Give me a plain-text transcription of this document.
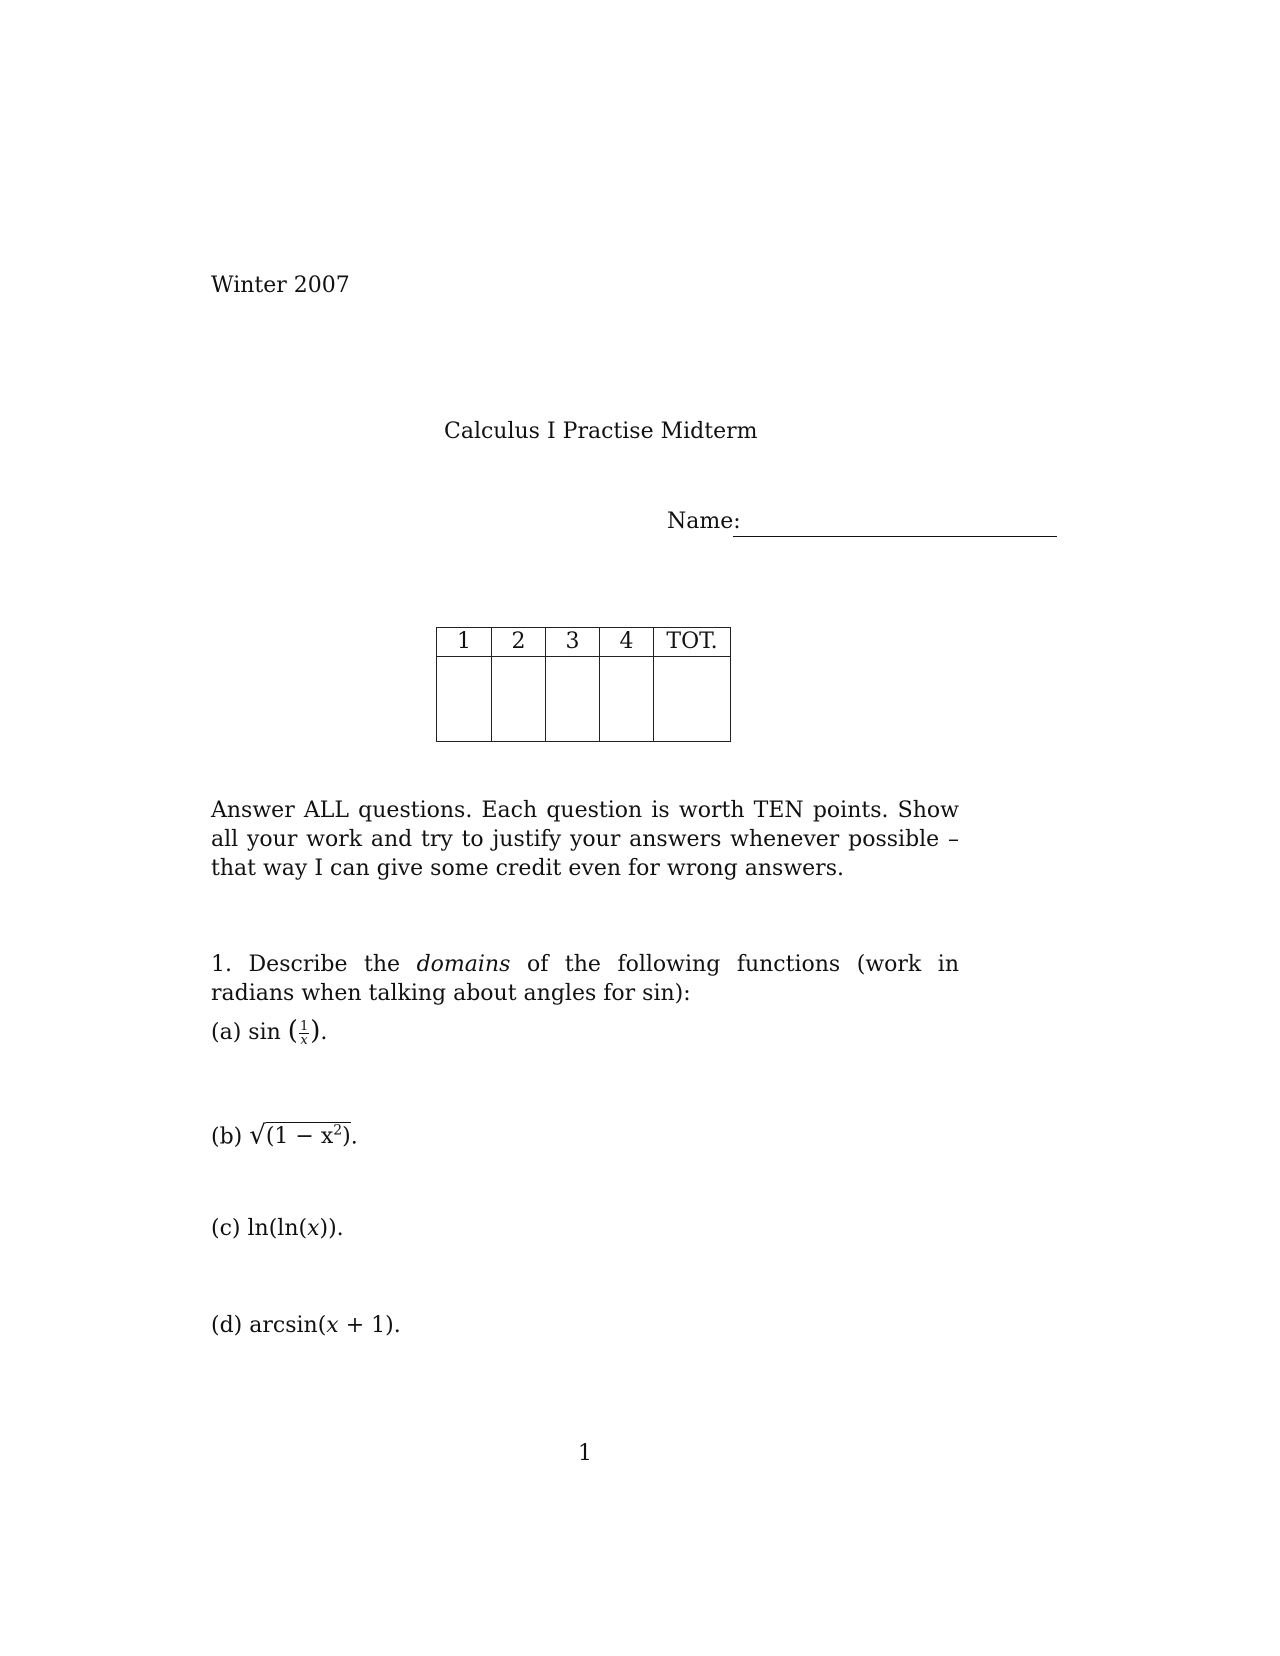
Winter 2007
Calculus I Practise Midterm
Name:
1	2	3	4	TOT.

Answer ALL questions. Each question is worth TEN points. Show all your work and try to justify your answers whenever possible – that way I can give some credit even for wrong answers.
1. Describe the domains of the following functions (work in radians when talking about angles for sin):
(a) sin ( $\frac{1}{x}$ ).
(b) $√(1 - x^2)$.
(c) ln(ln(x)).
(d) arcsin(x + 1).
1
